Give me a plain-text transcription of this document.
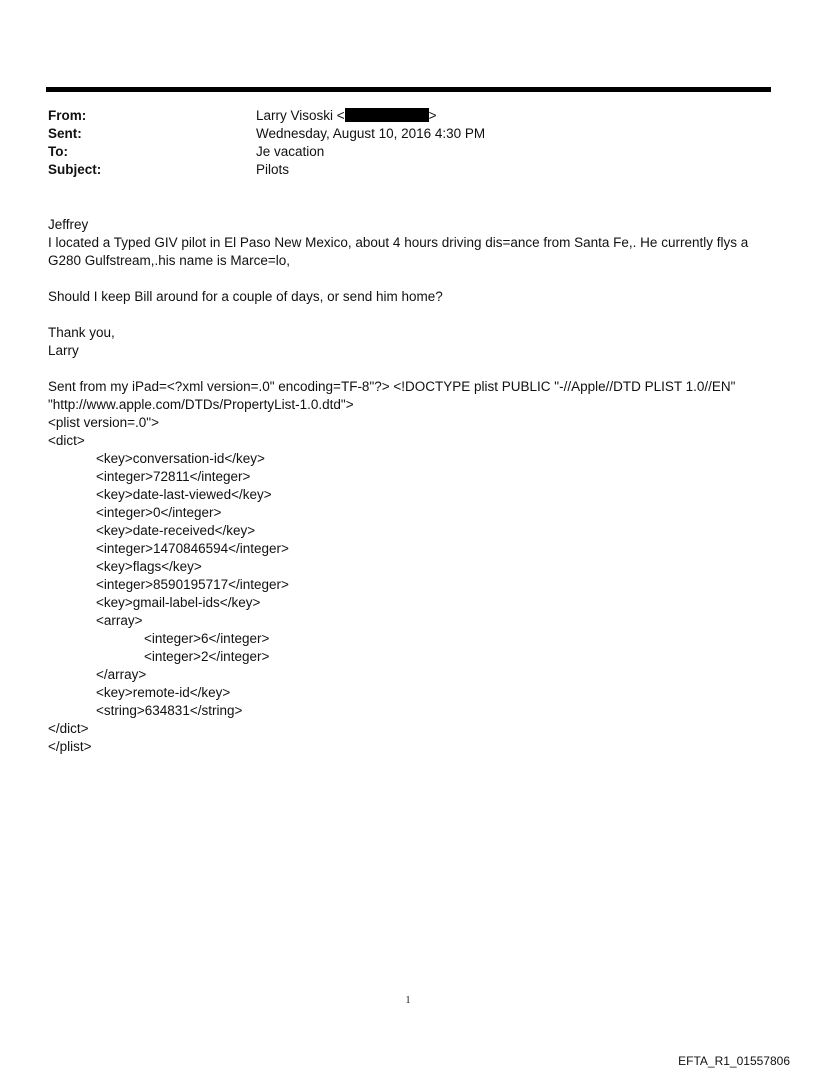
From:	Larry Visoski <	>
Sent:	Wednesday, August 10, 2016 4:30 PM
To:	Je vacation
Subject:	Pilots
Jeffrey
I located a Typed GIV pilot in El Paso New Mexico, about 4 hours driving dis=ance from Santa Fe,. He currently flys a
G280 Gulfstream,.his name is Marce=lo,
Should I keep Bill around for a couple of days, or send him home?
Thank you,
Larry
Sent from my iPad=<?xml version=.0" encoding=TF-8"?> <!DOCTYPE plist PUBLIC "-//Apple//DTD PLIST 1.0//EN"
"http://www.apple.com/DTDs/PropertyList-1.0.dtd">
<plist version=.0">
<dict>
<key>conversation-id</key>
<integer>72811</integer>
<key>date-last-viewed</key>
<integer>0</integer>
<key>date-received</key>
<integer>1470846594</integer>
<key>flags</key>
<integer>8590195717</integer>
<key>gmail-label-ids</key>
<array>
<integer>6</integer>
<integer>2</integer>
</array>
<key>remote-id</key>
<string>634831</string>
</dict>
</plist>
1
EFTA_R1_01557806
